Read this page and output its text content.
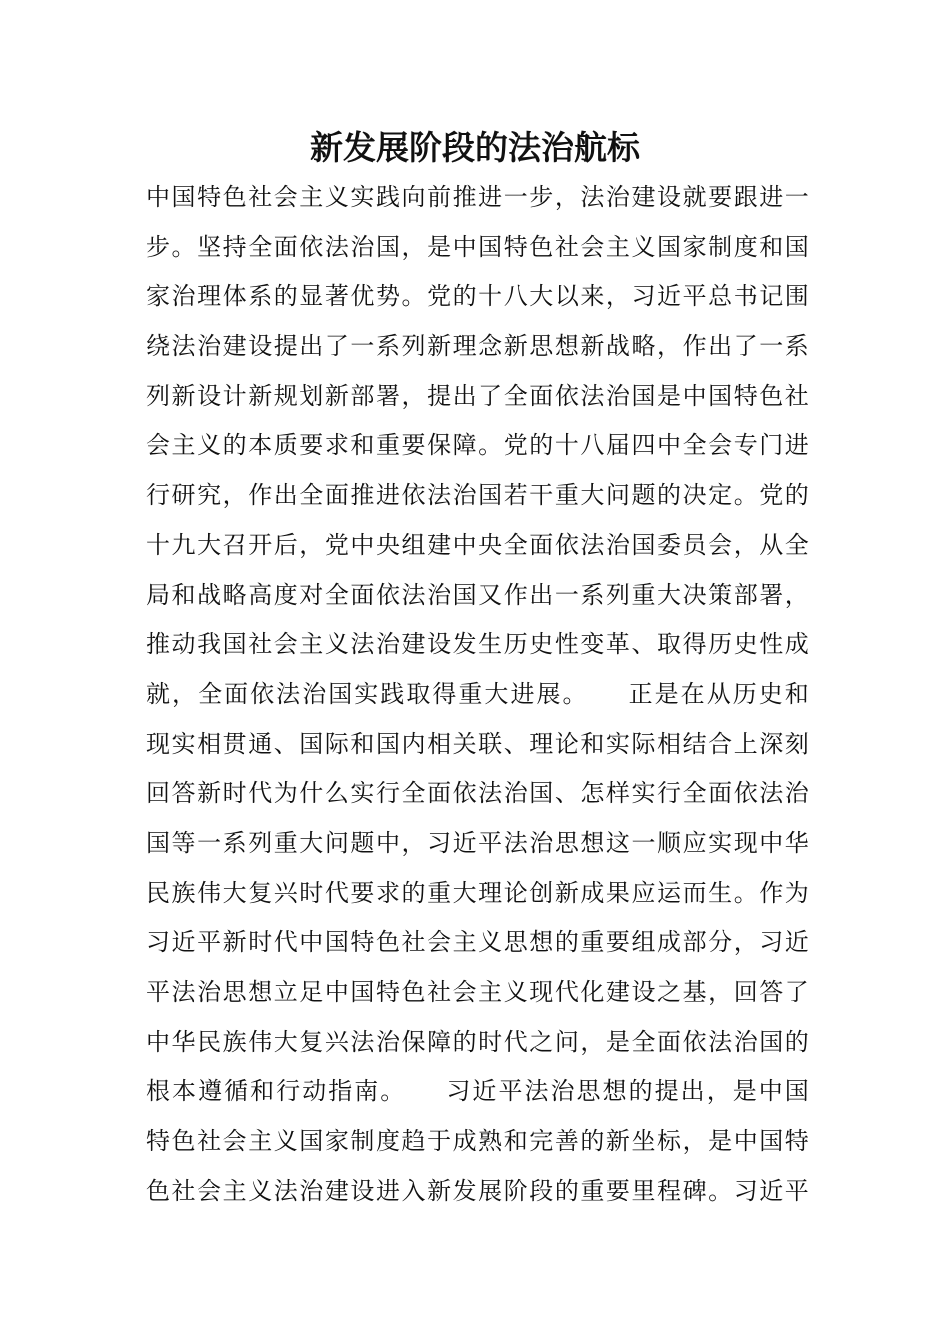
新发展阶段的法治航标
中国特色社会主义实践向前推进一步，法治建设就要跟进一
步。坚持全面依法治国，是中国特色社会主义国家制度和国
家治理体系的显著优势。党的十八大以来，习近平总书记围
绕法治建设提出了一系列新理念新思想新战略，作出了一系
列新设计新规划新部署，提出了全面依法治国是中国特色社
会主义的本质要求和重要保障。党的十八届四中全会专门进
行研究，作出全面推进依法治国若干重大问题的决定。党的
十九大召开后，党中央组建中央全面依法治国委员会，从全
局和战略高度对全面依法治国又作出一系列重大决策部署，
推动我国社会主义法治建设发生历史性变革、取得历史性成
就，全面依法治国实践取得重大进展。　　正是在从历史和
现实相贯通、国际和国内相关联、理论和实际相结合上深刻
回答新时代为什么实行全面依法治国、怎样实行全面依法治
国等一系列重大问题中，习近平法治思想这一顺应实现中华
民族伟大复兴时代要求的重大理论创新成果应运而生。作为
习近平新时代中国特色社会主义思想的重要组成部分，习近
平法治思想立足中国特色社会主义现代化建设之基，回答了
中华民族伟大复兴法治保障的时代之问，是全面依法治国的
根本遵循和行动指南。　　习近平法治思想的提出，是中国
特色社会主义国家制度趋于成熟和完善的新坐标，是中国特
色社会主义法治建设进入新发展阶段的重要里程碑。习近平
